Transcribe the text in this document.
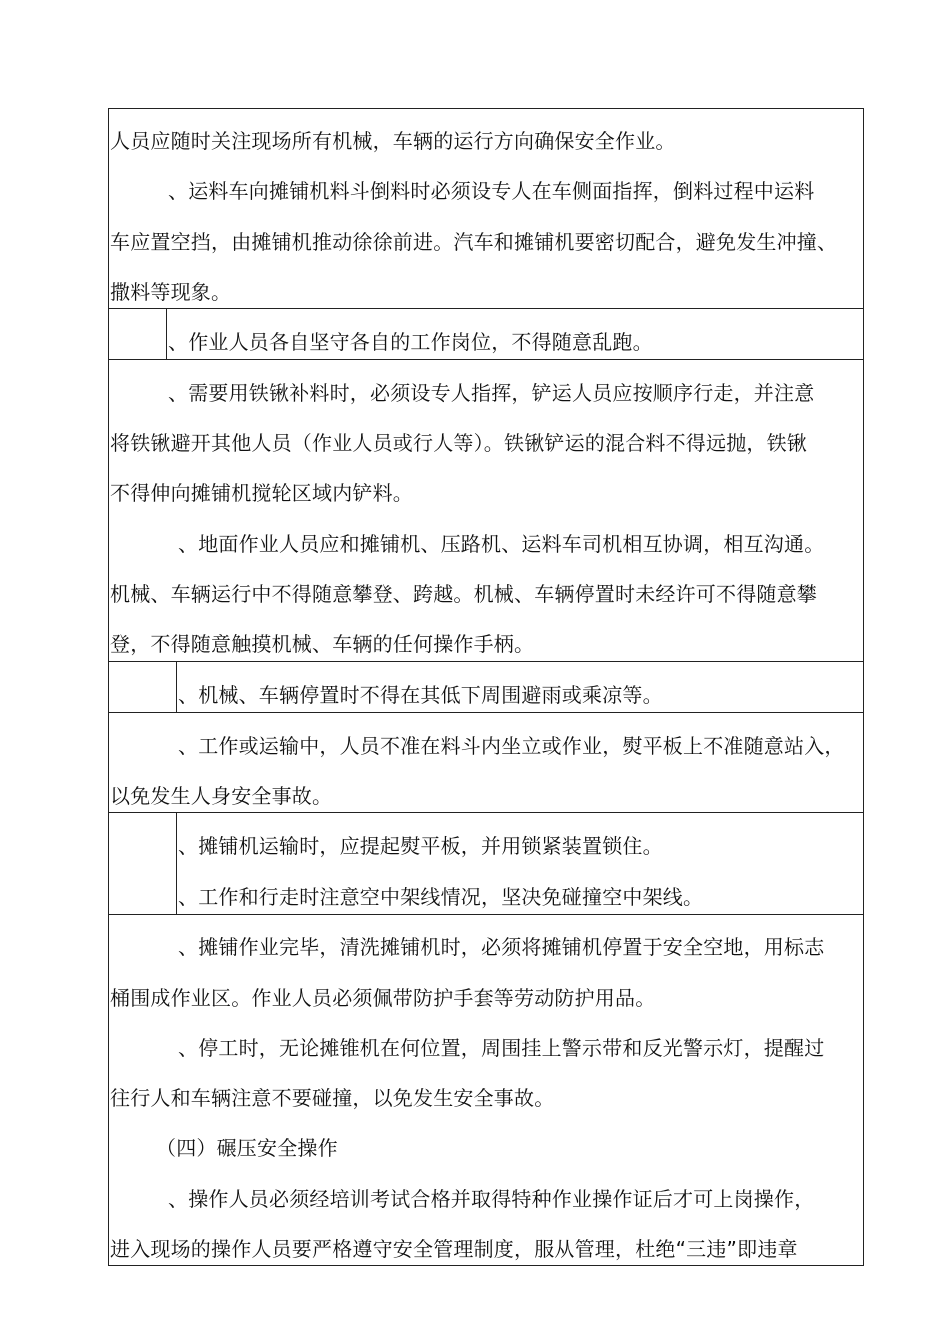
人员应随时关注现场所有机械，车辆的运行方向确保安全作业。
、运料车向摊铺机料斗倒料时必须设专人在车侧面指挥，倒料过程中运料
车应置空挡，由摊铺机推动徐徐前进。汽车和摊铺机要密切配合，避免发生冲撞、
撒料等现象。
、作业人员各自坚守各自的工作岗位，不得随意乱跑。
、需要用铁锹补料时，必须设专人指挥，铲运人员应按顺序行走，并注意
将铁锹避开其他人员（作业人员或行人等）。铁锹铲运的混合料不得远抛，铁锹
不得伸向摊铺机搅轮区域内铲料。
、地面作业人员应和摊铺机、压路机、运料车司机相互协调，相互沟通。
机械、车辆运行中不得随意攀登、跨越。机械、车辆停置时未经许可不得随意攀
登，不得随意触摸机械、车辆的任何操作手柄。
、机械、车辆停置时不得在其低下周围避雨或乘凉等。
、工作或运输中，人员不准在料斗内坐立或作业，熨平板上不准随意站入，
以免发生人身安全事故。
、摊铺机运输时，应提起熨平板，并用锁紧装置锁住。
、工作和行走时注意空中架线情况，坚决免碰撞空中架线。
、摊铺作业完毕，清洗摊铺机时，必须将摊铺机停置于安全空地，用标志
桶围成作业区。作业人员必须佩带防护手套等劳动防护用品。
、停工时，无论摊锥机在何位置，周围挂上警示带和反光警示灯，提醒过
往行人和车辆注意不要碰撞，以免发生安全事故。
（四）碾压安全操作
、操作人员必须经培训考试合格并取得特种作业操作证后才可上岗操作，
进入现场的操作人员要严格遵守安全管理制度，服从管理，杜绝“三违”即违章
